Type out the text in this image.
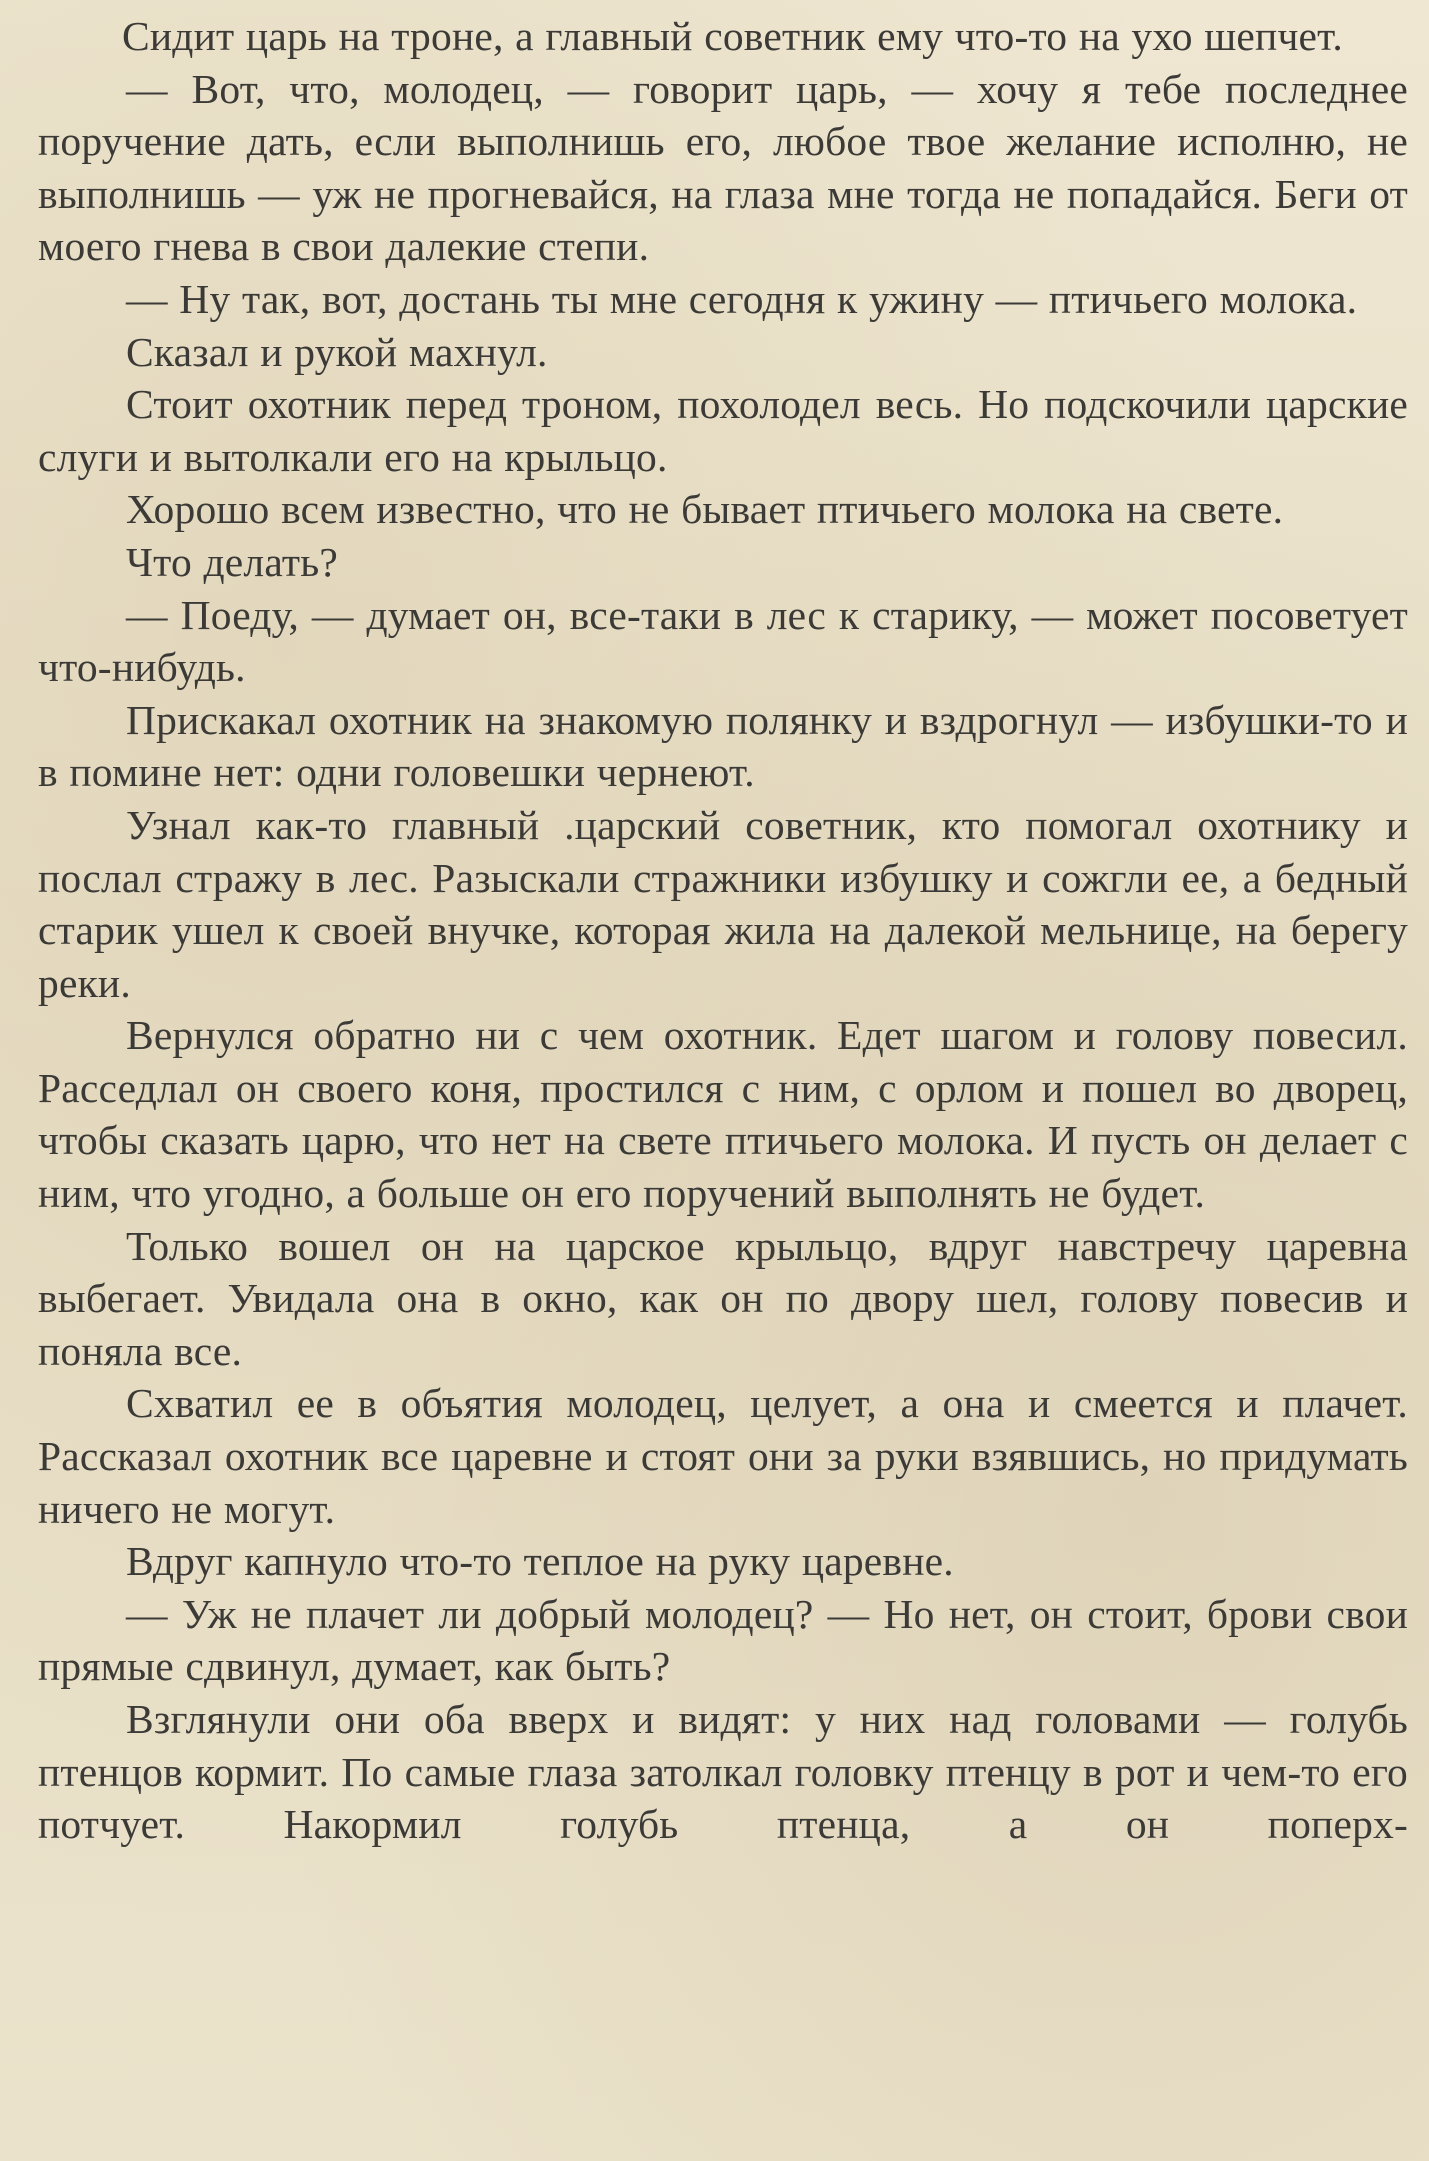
Сидит царь на троне, а главный советник ему что-то на ухо шепчет.

— Вот, что, молодец, — говорит царь, — хочу я тебе последнее поручение дать, если выполнишь его, любое твое желание исполню, не выполнишь — уж не прогневайся, на глаза мне тогда не попадайся. Беги от моего гнева в свои далекие степи.

— Ну так, вот, достань ты мне сегодня к ужину — птичьего молока.

Сказал и рукой махнул.

Стоит охотник перед троном, похолодел весь. Но подскочили царские слуги и вытолкали его на крыльцо.

Хорошо всем известно, что не бывает птичьего молока на свете.

Что делать?

— Поеду, — думает он, все-таки в лес к старику, — может посоветует что-нибудь.

Прискакал охотник на знакомую полянку и вздрогнул — избушки-то и в помине нет: одни головешки чернеют.

Узнал как-то главный .царский советник, кто помогал охотнику и послал стражу в лес. Разыскали стражники избушку и сожгли ее, а бедный старик ушел к своей внучке, которая жила на далекой мельнице, на берегу реки.

Вернулся обратно ни с чем охотник. Едет шагом и голову повесил. Расседлал он своего коня, простился с ним, с орлом и пошел во дворец, чтобы сказать царю, что нет на свете птичьего молока. И пусть он делает с ним, что угодно, а больше он его поручений выполнять не будет.

Только вошел он на царское крыльцо, вдруг навстречу царевна выбегает. Увидала она в окно, как он по двору шел, голову повесив и поняла все.

Схватил ее в объятия молодец, целует, а она и смеется и плачет. Рассказал охотник все царевне и стоят они за руки взявшись, но придумать ничего не могут.

Вдруг капнуло что-то теплое на руку царевне.

— Уж не плачет ли добрый молодец? — Но нет, он стоит, брови свои прямые сдвинул, думает, как быть?

Взглянули они оба вверх и видят: у них над головами — голубь птенцов кормит. По самые глаза затолкал головку птенцу в рот и чем-то его потчует. Накормил голубь птенца, а он поперх-
